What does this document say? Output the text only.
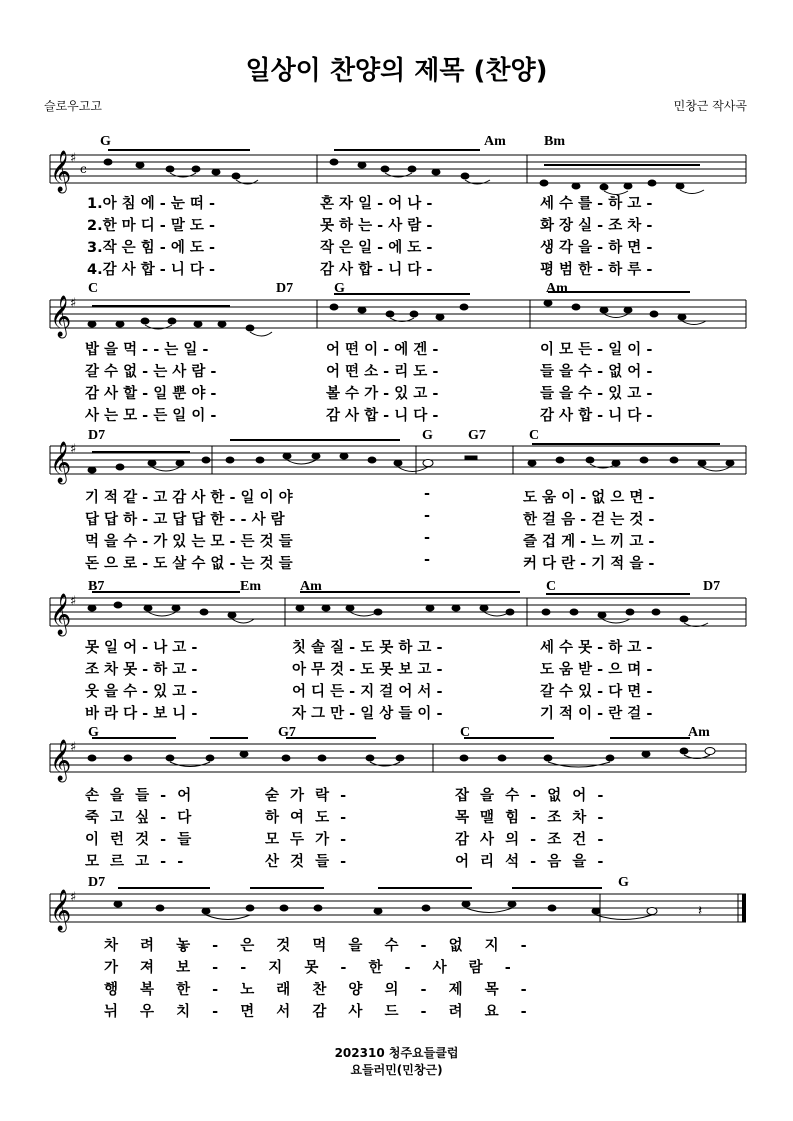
일상이 찬양의 제목 (찬양)
슬로우고고	민창근 작사곡
𝄞
♯
c
G	Am	Bm
1.아 침 에 - 눈 떠 -	혼 자 일 - 어 나 -	세 수 를 - 하 고 -
2.한 마 디 - 말 도 -	못 하 는 - 사 람 -	화 장 실 - 조 차 -
3.작 은 힘 - 에 도 -	작 은 일 - 에 도 -	생 각 을 - 하 면 -
4.감 사 합 - 니 다 -	감 사 합 - 니 다 -	평 범 한 - 하 루 -
𝄞
♯
C	D7	G	Am
밥 을 먹 - - 는 일 -	어 떤 이 - 에 겐 -	이 모 든 - 일 이 -
갈 수 없 - 는 사 람 -	어 떤 소 - 리 도 -	들 을 수 - 없 어 -
감 사 할 - 일 뿐 야 -	볼 수 가 - 있 고 -	들 을 수 - 있 고 -
사 는 모 - 든 일 이 -	감 사 합 - 니 다 -	감 사 합 - 니 다 -
𝄞
♯
D7	G	G7	C
기 적 같 - 고 감 사 한 - 일 이 야	-	도 움 이 - 없 으 면 -
답 답 하 - 고 답 답 한 - - 사 람	-	한 걸 음 - 걷 는 것 -
먹 을 수 - 가 있 는 모 - 든 것 들	-	즐 겁 게 - 느 끼 고 -
돈 으 로 - 도 살 수 없 - 는 것 들	-	커 다 란 - 기 적 을 -
𝄞
♯
B7	Em	Am	C	D7
못 일 어 - 나 고 -	칫 솔 질 - 도 못 하 고 -	세 수 못 - 하 고 -
조 차 못 - 하 고 -	아 무 것 - 도 못 보 고 -	도 움 받 - 으 며 -
웃 을 수 - 있 고 -	어 디 든 - 지 걸 어 서 -	갈 수 있 - 다 면 -
바 라 다 - 보 니 -	자 그 만 - 일 상 들 이 -	기 적 이 - 란 걸 -
𝄞
♯
G	G7	C	Am
손 을 들 - 어	숟 가 락 -	잡 을 수 - 없 어 -
죽 고 싶 - 다	하 여 도 -	목 맬 힘 - 조 차 -
이 런 것 - 들	모 두 가 -	감 사 의 - 조 건 -
모 르 고 - -	산 것 들 -	어 리 석 - 음 을 -
𝄞
♯
𝄽
D7	G
차 려 놓 - 은 것 먹 을 수 - 없 지 -
가 져 보 - - 지 못 - 한 - 사 람 -
행 복 한 - 노 래 찬 양 의 - 제 목 -
뉘 우 치 - 면 서 감 사 드 - 려 요 -
202310 청주요들클럽
요들러민(민창근)
